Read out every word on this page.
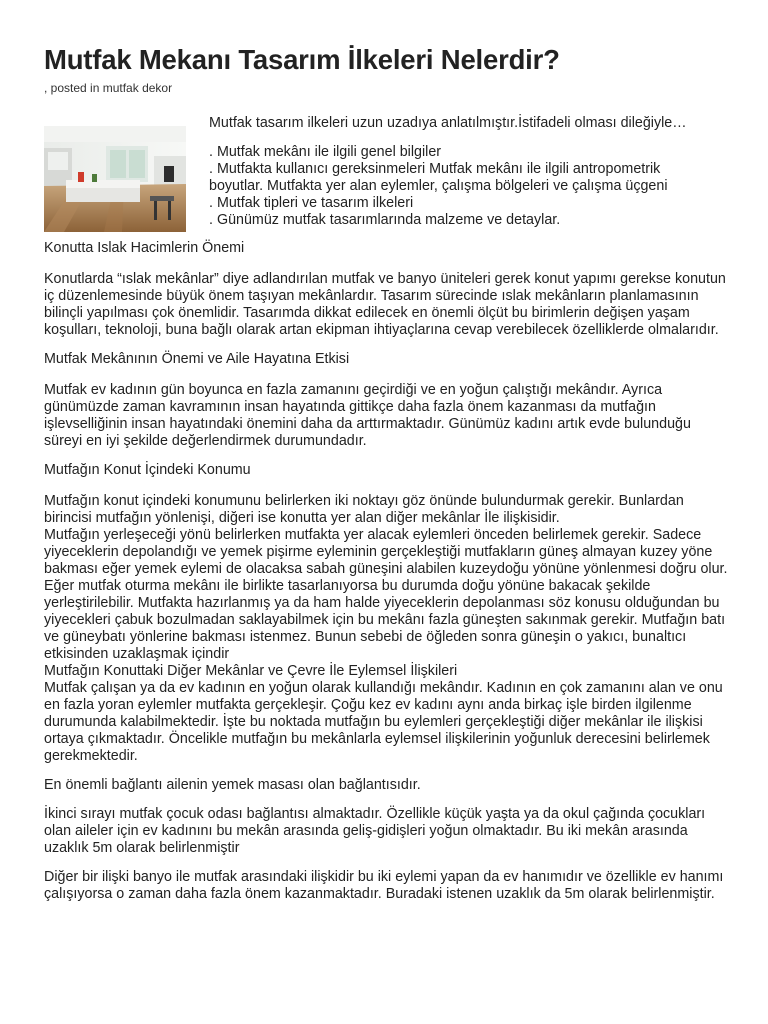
Mutfak Mekanı Tasarım İlkeleri Nelerdir?
, posted in mutfak dekor

Mutfak tasarım ilkeleri uzun uzadıya anlatılmıştır.İstifadeli olması dileğiyle…

. Mutfak mekânı ile ilgili genel bilgiler
. Mutfakta kullanıcı gereksinmeleri Mutfak mekânı ile ilgili antropometrik
boyutlar. Mutfakta yer alan eylemler, çalışma bölgeleri ve çalışma üçgeni
. Mutfak tipleri ve tasarım ilkeleri
. Günümüz mutfak tasarımlarında malzeme ve detaylar.

Konutta Islak Hacimlerin Önemi

Konutlarda “ıslak mekânlar” diye adlandırılan mutfak ve banyo üniteleri gerek konut yapımı gerekse konutun iç düzenlemesinde büyük önem taşıyan mekânlardır. Tasarım sürecinde ıslak mekânların planlamasının bilinçli yapılması çok önemlidir. Tasarımda dikkat edilecek en önemli ölçüt bu birimlerin değişen yaşam koşulları, teknoloji, buna bağlı olarak artan ekipman ihtiyaçlarına cevap verebilecek özelliklerde olmalarıdır.

Mutfak Mekânının Önemi ve Aile Hayatına Etkisi

Mutfak ev kadının gün boyunca en fazla zamanını geçirdiği ve en yoğun çalıştığı mekândır. Ayrıca günümüzde zaman kavramının insan hayatında gittikçe daha fazla önem kazanması da mutfağın işlevselliğinin insan hayatındaki önemini daha da arttırmaktadır. Günümüz kadını artık evde bulunduğu süreyi en iyi şekilde değerlendirmek durumundadır.

Mutfağın Konut İçindeki Konumu

Mutfağın konut içindeki konumunu belirlerken iki noktayı göz önünde bulundurmak gerekir. Bunlardan birincisi mutfağın yönlenişi, diğeri ise konutta yer alan diğer mekânlar İle ilişkisidir.
Mutfağın yerleşeceği yönü belirlerken mutfakta yer alacak eylemleri önceden belirlemek gerekir. Sadece yiyeceklerin depolandığı ve yemek pişirme eyleminin gerçekleştiği mutfakların güneş almayan kuzey yöne bakması eğer yemek eylemi de olacaksa sabah güneşini alabilen kuzeydoğu yönüne yönlenmesi doğru olur. Eğer mutfak oturma mekânı ile birlikte tasarlanıyorsa bu durumda doğu yönüne bakacak şekilde yerleştirilebilir. Mutfakta hazırlanmış ya da ham halde yiyeceklerin depolanması söz konusu olduğundan bu yiyecekleri çabuk bozulmadan saklayabilmek için bu mekânı fazla güneşten sakınmak gerekir. Mutfağın batı ve güneybatı yönlerine bakması istenmez. Bunun sebebi de öğleden sonra güneşin o yakıcı, bunaltıcı etkisinden uzaklaşmak içindir
Mutfağın Konuttaki Diğer Mekânlar ve Çevre İle Eylemsel İlişkileri
Mutfak çalışan ya da ev kadının en yoğun olarak kullandığı mekândır. Kadının en çok zamanını alan ve onu en fazla yoran eylemler mutfakta gerçekleşir. Çoğu kez ev kadını aynı anda birkaç işle birden ilgilenme durumunda kalabilmektedir. İşte bu noktada mutfağın bu eylemleri gerçekleştiği diğer mekânlar ile ilişkisi ortaya çıkmaktadır. Öncelikle mutfağın bu mekânlarla eylemsel ilişkilerinin yoğunluk derecesini belirlemek gerekmektedir.

En önemli bağlantı ailenin yemek masası olan bağlantısıdır.

İkinci sırayı mutfak çocuk odası bağlantısı almaktadır. Özellikle küçük yaşta ya da okul çağında çocukları olan aileler için ev kadınını bu mekân arasında geliş-gidişleri yoğun olmaktadır. Bu iki mekân arasında uzaklık 5m olarak belirlenmiştir

Diğer bir ilişki banyo ile mutfak arasındaki ilişkidir bu iki eylemi yapan da ev hanımıdır ve özellikle ev hanımı çalışıyorsa o zaman daha fazla önem kazanmaktadır. Buradaki istenen uzaklık da 5m olarak belirlenmiştir.
